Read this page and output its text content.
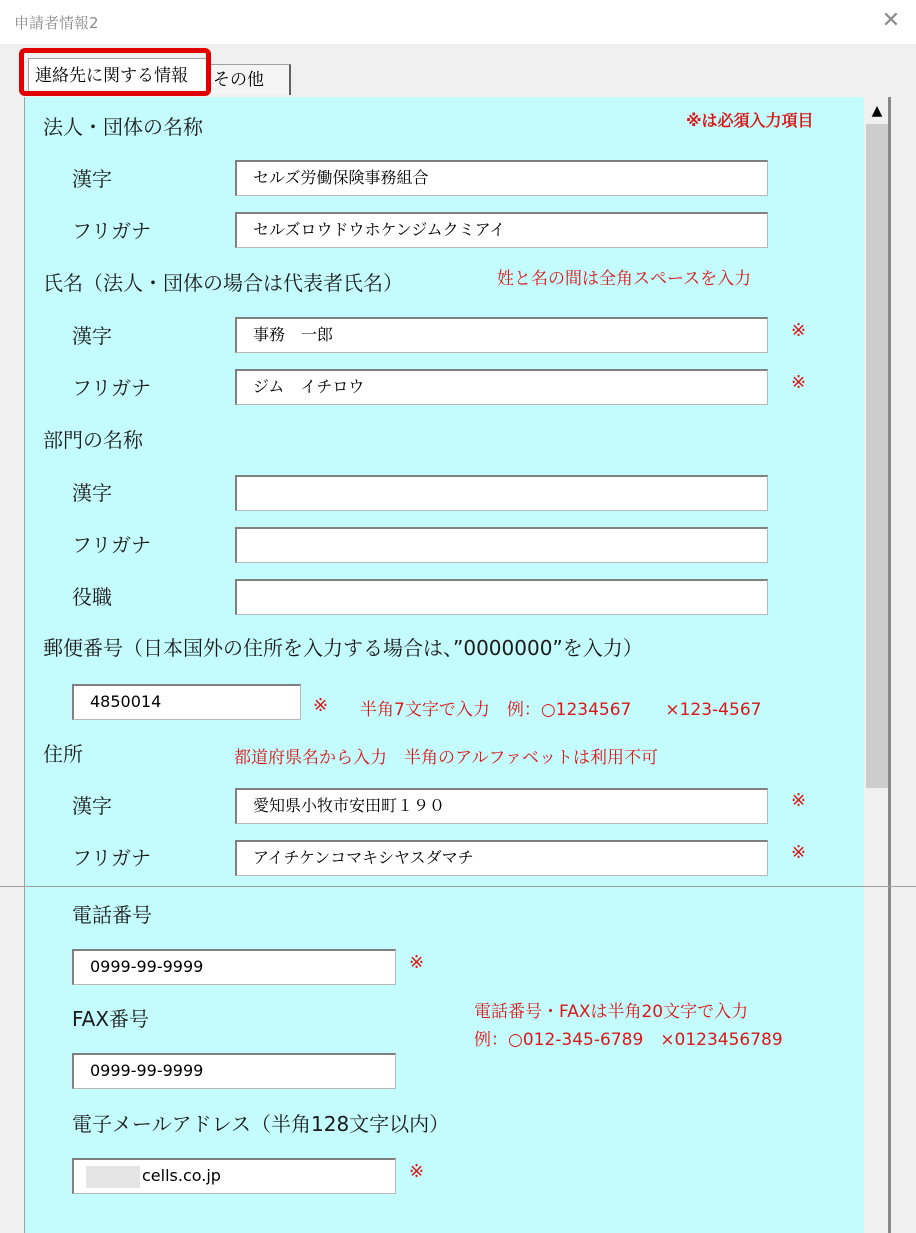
申請者情報2	✕
その他
連絡先に関する情報
▲
法人・団体の名称	※は必須入力項目
漢字	セルズ労働保険事務組合
フリガナ	セルズロウドウホケンジムクミアイ
氏名（法人・団体の場合は代表者氏名）	姓と名の間は全角スペースを入力
漢字	事務　一郎	※
フリガナ	ジム　イチロウ	※
部門の名称
漢字
フリガナ
役職
郵便番号（日本国外の住所を入力する場合は、”0000000”を入力）
4850014	※ 半角7文字で入力　例：○1234567　　×123-4567
住所	都道府県名から入力　半角のアルファベットは利用不可
漢字	愛知県小牧市安田町１９０	※
フリガナ	アイチケンコマキシヤスダマチ	※
電話番号
0999-99-9999	※
FAX番号	電話番号・FAXは半角20文字で入力
例：○012-345-6789　×0123456789
0999-99-9999
電子メールアドレス（半角128文字以内）
cells.co.jp	※
